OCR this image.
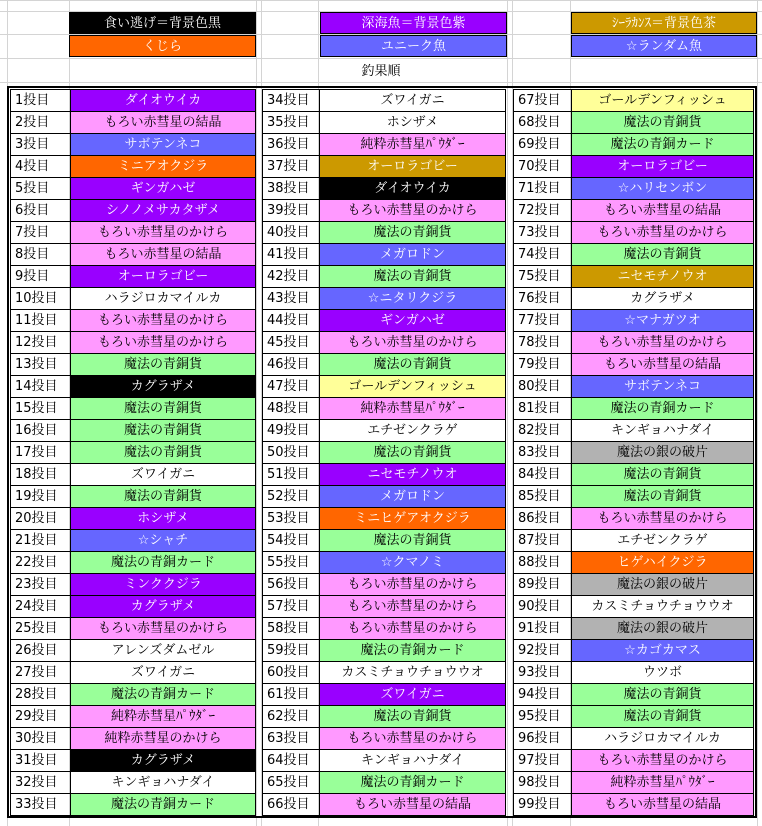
食い逃げ＝背景色黒	深海魚＝背景色紫	ｼｰﾗｶﾝｽ＝背景色茶
くじら	ユニーク魚	☆ランダム魚
釣果順
1投目	ダイオウイカ
2投目	もろい赤彗星の結晶
3投目	サボテンネコ
4投目	ミニアオクジラ
5投目	ギンガハゼ
6投目	シノノメサカタザメ
7投目	もろい赤彗星のかけら
8投目	もろい赤彗星の結晶
9投目	オーロラゴビー
10投目	ハラジロカマイルカ
11投目	もろい赤彗星のかけら
12投目	もろい赤彗星のかけら
13投目	魔法の青銅貨
14投目	カグラザメ
15投目	魔法の青銅貨
16投目	魔法の青銅貨
17投目	魔法の青銅貨
18投目	ズワイガニ
19投目	魔法の青銅貨
20投目	ホシザメ
21投目	☆シャチ
22投目	魔法の青銅カード
23投目	ミンククジラ
24投目	カグラザメ
25投目	もろい赤彗星のかけら
26投目	アレンズダムゼル
27投目	ズワイガニ
28投目	魔法の青銅カード
29投目	純粋赤彗星ﾊﾟｳﾀﾞｰ
30投目	純粋赤彗星のかけら
31投目	カグラザメ
32投目	キンギョハナダイ
33投目	魔法の青銅カード
34投目	ズワイガニ
35投目	ホシザメ
36投目	純粋赤彗星ﾊﾟｳﾀﾞｰ
37投目	オーロラゴビー
38投目	ダイオウイカ
39投目	もろい赤彗星のかけら
40投目	魔法の青銅貨
41投目	メガロドン
42投目	魔法の青銅貨
43投目	☆ニタリクジラ
44投目	ギンガハゼ
45投目	もろい赤彗星のかけら
46投目	魔法の青銅貨
47投目	ゴールデンフィッシュ
48投目	純粋赤彗星ﾊﾟｳﾀﾞｰ
49投目	エチゼンクラゲ
50投目	魔法の青銅貨
51投目	ニセモチノウオ
52投目	メガロドン
53投目	ミニヒゲアオクジラ
54投目	魔法の青銅貨
55投目	☆クマノミ
56投目	もろい赤彗星のかけら
57投目	もろい赤彗星のかけら
58投目	もろい赤彗星のかけら
59投目	魔法の青銅カード
60投目	カスミチョウチョウウオ
61投目	ズワイガニ
62投目	魔法の青銅貨
63投目	もろい赤彗星のかけら
64投目	キンギョハナダイ
65投目	魔法の青銅カード
66投目	もろい赤彗星の結晶
67投目	ゴールデンフィッシュ
68投目	魔法の青銅貨
69投目	魔法の青銅カード
70投目	オーロラゴビー
71投目	☆ハリセンボン
72投目	もろい赤彗星の結晶
73投目	もろい赤彗星のかけら
74投目	魔法の青銅貨
75投目	ニセモチノウオ
76投目	カグラザメ
77投目	☆マナガツオ
78投目	もろい赤彗星のかけら
79投目	もろい赤彗星の結晶
80投目	サボテンネコ
81投目	魔法の青銅カード
82投目	キンギョハナダイ
83投目	魔法の銀の破片
84投目	魔法の青銅貨
85投目	魔法の青銅貨
86投目	もろい赤彗星のかけら
87投目	エチゼンクラゲ
88投目	ヒゲハイクジラ
89投目	魔法の銀の破片
90投目	カスミチョウチョウウオ
91投目	魔法の銀の破片
92投目	☆カゴカマス
93投目	ウツボ
94投目	魔法の青銅貨
95投目	魔法の青銅貨
96投目	ハラジロカマイルカ
97投目	もろい赤彗星のかけら
98投目	純粋赤彗星ﾊﾟｳﾀﾞｰ
99投目	もろい赤彗星の結晶
